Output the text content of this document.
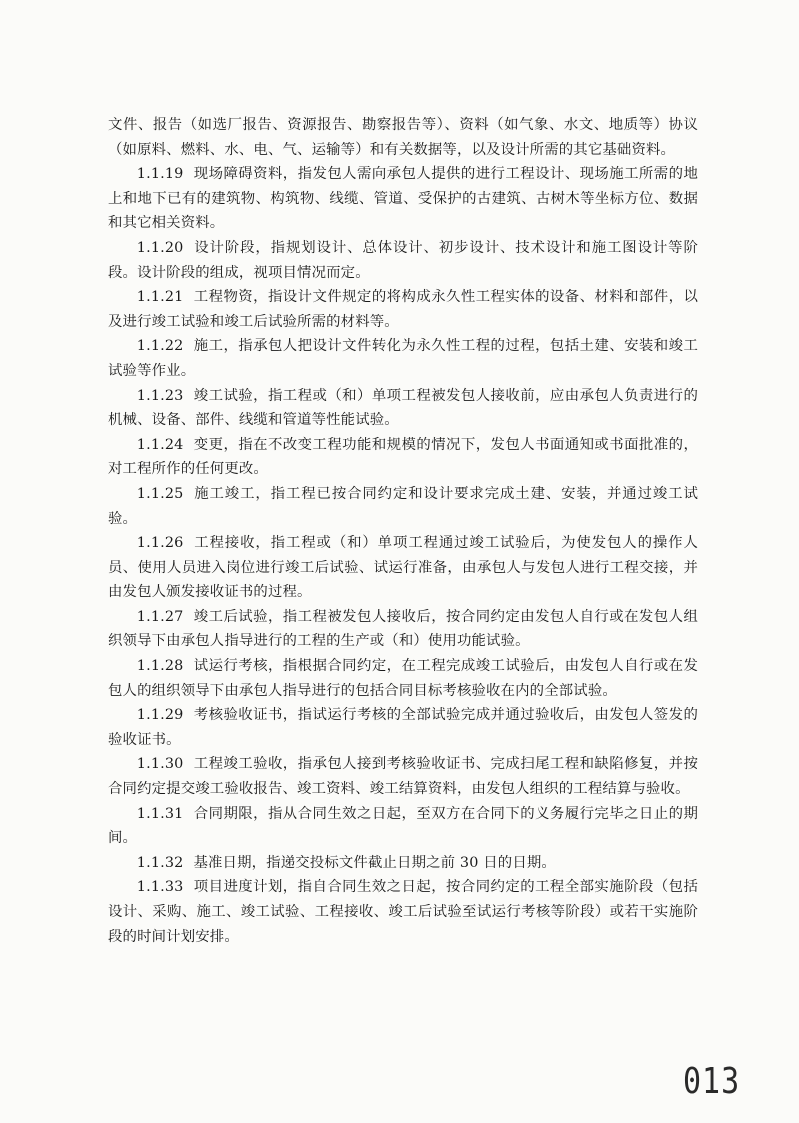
文件、报告（如选厂报告、资源报告、勘察报告等）、资料（如气象、水文、地质等）协议（如原料、燃料、水、电、气、运输等）和有关数据等，以及设计所需的其它基础资料。

1.1.19 现场障碍资料，指发包人需向承包人提供的进行工程设计、现场施工所需的地上和地下已有的建筑物、构筑物、线缆、管道、受保护的古建筑、古树木等坐标方位、数据和其它相关资料。

1.1.20 设计阶段，指规划设计、总体设计、初步设计、技术设计和施工图设计等阶段。设计阶段的组成，视项目情况而定。

1.1.21 工程物资，指设计文件规定的将构成永久性工程实体的设备、材料和部件，以及进行竣工试验和竣工后试验所需的材料等。

1.1.22 施工，指承包人把设计文件转化为永久性工程的过程，包括土建、安装和竣工试验等作业。

1.1.23 竣工试验，指工程或（和）单项工程被发包人接收前，应由承包人负责进行的机械、设备、部件、线缆和管道等性能试验。

1.1.24 变更，指在不改变工程功能和规模的情况下，发包人书面通知或书面批准的，对工程所作的任何更改。

1.1.25 施工竣工，指工程已按合同约定和设计要求完成土建、安装，并通过竣工试验。

1.1.26 工程接收，指工程或（和）单项工程通过竣工试验后，为使发包人的操作人员、使用人员进入岗位进行竣工后试验、试运行准备，由承包人与发包人进行工程交接，并由发包人颁发接收证书的过程。

1.1.27 竣工后试验，指工程被发包人接收后，按合同约定由发包人自行或在发包人组织领导下由承包人指导进行的工程的生产或（和）使用功能试验。

1.1.28 试运行考核，指根据合同约定，在工程完成竣工试验后，由发包人自行或在发包人的组织领导下由承包人指导进行的包括合同目标考核验收在内的全部试验。

1.1.29 考核验收证书，指试运行考核的全部试验完成并通过验收后，由发包人签发的验收证书。

1.1.30 工程竣工验收，指承包人接到考核验收证书、完成扫尾工程和缺陷修复，并按合同约定提交竣工验收报告、竣工资料、竣工结算资料，由发包人组织的工程结算与验收。

1.1.31 合同期限，指从合同生效之日起，至双方在合同下的义务履行完毕之日止的期间。

1.1.32 基准日期，指递交投标文件截止日期之前 30 日的日期。

1.1.33 项目进度计划，指自合同生效之日起，按合同约定的工程全部实施阶段（包括设计、采购、施工、竣工试验、工程接收、竣工后试验至试运行考核等阶段）或若干实施阶段的时间计划安排。

013
